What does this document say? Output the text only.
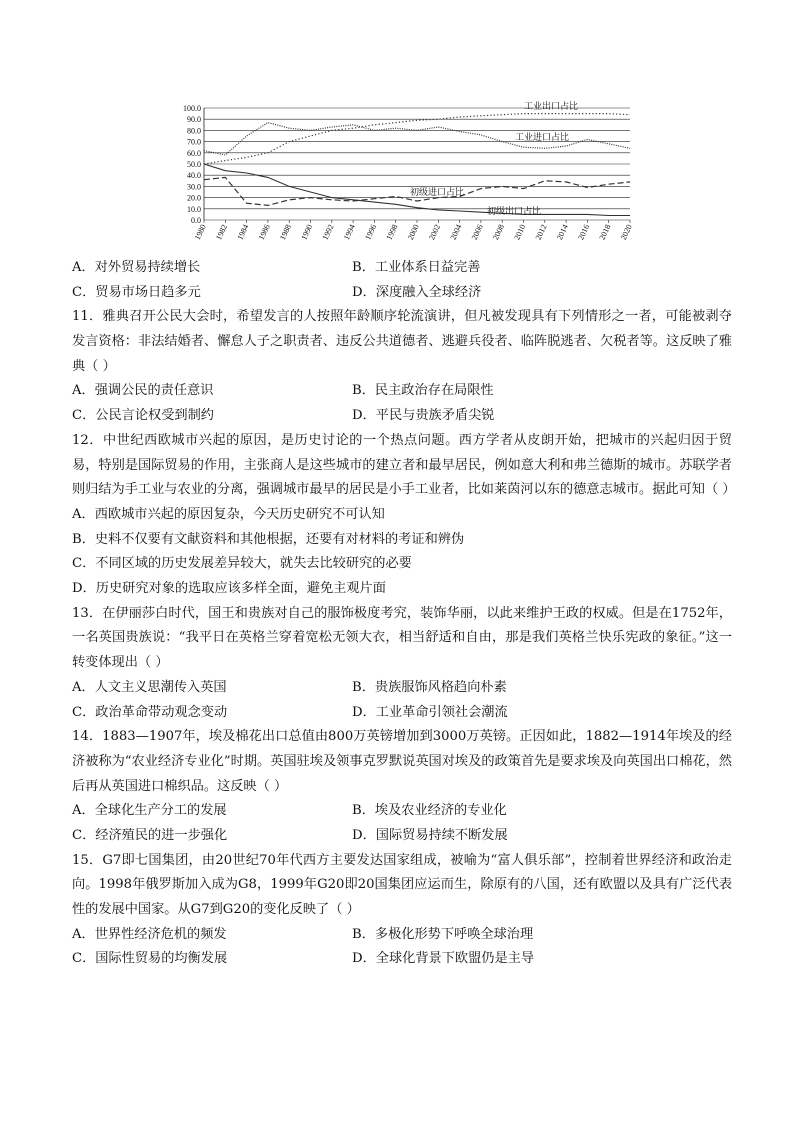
0.0
10.0
20.0
30.0
40.0
50.0
60.0
70.0
80.0
90.0
100.0
1980 1982 1984 1986 1988 1990 1992 1994 1996 1998 2000 2002 2004 2006 2008 2010 2012 2014 2016 2018 2020
工业出口占比
工业进口占比
初级进口占比
初级出口占比
A．对外贸易持续增长	B．工业体系日益完善
C．贸易市场日趋多元	D．深度融入全球经济
11．雅典召开公民大会时，希望发言的人按照年龄顺序轮流演讲，但凡被发现具有下列情形之一者，可能被剥夺发言资格：非法结婚者、懈怠人子之职责者、违反公共道德者、逃避兵役者、临阵脱逃者、欠税者等。这反映了雅典（ ）
A．强调公民的责任意识	B．民主政治存在局限性
C．公民言论权受到制约	D．平民与贵族矛盾尖锐
12．中世纪西欧城市兴起的原因，是历史讨论的一个热点问题。西方学者从皮朗开始，把城市的兴起归因于贸易，特别是国际贸易的作用，主张商人是这些城市的建立者和最早居民，例如意大利和弗兰德斯的城市。苏联学者则归结为手工业与农业的分离，强调城市最早的居民是小手工业者，比如莱茵河以东的德意志城市。据此可知（ ）
A．西欧城市兴起的原因复杂，今天历史研究不可认知
B．史料不仅要有文献资料和其他根据，还要有对材料的考证和辨伪
C．不同区域的历史发展差异较大，就失去比较研究的必要
D．历史研究对象的选取应该多样全面，避免主观片面
13．在伊丽莎白时代，国王和贵族对自己的服饰极度考究，装饰华丽，以此来维护王政的权威。但是在1752年，一名英国贵族说：“我平日在英格兰穿着宽松无领大衣，相当舒适和自由，那是我们英格兰快乐宪政的象征。”这一转变体现出（ ）
A．人文主义思潮传入英国	B．贵族服饰风格趋向朴素
C．政治革命带动观念变动	D．工业革命引领社会潮流
14．1883—1907年，埃及棉花出口总值由800万英镑增加到3000万英镑。正因如此，1882—1914年埃及的经济被称为“农业经济专业化”时期。英国驻埃及领事克罗默说英国对埃及的政策首先是要求埃及向英国出口棉花，然后再从英国进口棉织品。这反映（ ）
A．全球化生产分工的发展	B．埃及农业经济的专业化
C．经济殖民的进一步强化	D．国际贸易持续不断发展
15．G7即七国集团，由20世纪70年代西方主要发达国家组成，被喻为“富人俱乐部”，控制着世界经济和政治走向。1998年俄罗斯加入成为G8，1999年G20即20国集团应运而生，除原有的八国，还有欧盟以及具有广泛代表性的发展中国家。从G7到G20的变化反映了（ ）
A．世界性经济危机的频发	B．多极化形势下呼唤全球治理
C．国际性贸易的均衡发展	D．全球化背景下欧盟仍是主导
